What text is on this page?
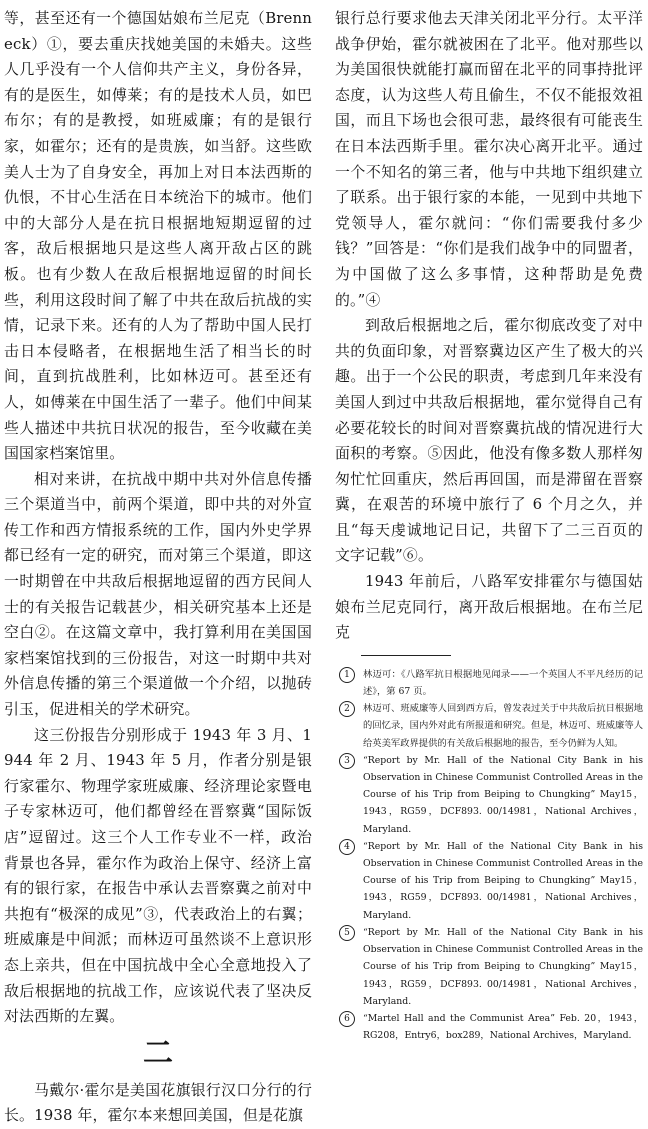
等，甚至还有一个德国姑娘布兰尼克（Brenneck）①，要去重庆找她美国的未婚夫。这些人几乎没有一个人信仰共产主义，身份各异，有的是医生，如傅莱；有的是技术人员，如巴布尔；有的是教授，如班威廉；有的是银行家，如霍尔；还有的是贵族，如当舒。这些欧美人士为了自身安全，再加上对日本法西斯的仇恨，不甘心生活在日本统治下的城市。他们中的大部分人是在抗日根据地短期逗留的过客，敌后根据地只是这些人离开敌占区的跳板。也有少数人在敌后根据地逗留的时间长些，利用这段时间了解了中共在敌后抗战的实情，记录下来。还有的人为了帮助中国人民打击日本侵略者，在根据地生活了相当长的时间，直到抗战胜利，比如林迈可。甚至还有人，如傅莱在中国生活了一辈子。他们中间某些人描述中共抗日状况的报告，至今收藏在美国国家档案馆里。

相对来讲，在抗战中期中共对外信息传播三个渠道当中，前两个渠道，即中共的对外宣传工作和西方情报系统的工作，国内外史学界都已经有一定的研究，而对第三个渠道，即这一时期曾在中共敌后根据地逗留的西方民间人士的有关报告记载甚少，相关研究基本上还是空白②。在这篇文章中，我打算利用在美国国家档案馆找到的三份报告，对这一时期中共对外信息传播的第三个渠道做一个介绍，以抛砖引玉，促进相关的学术研究。

这三份报告分别形成于 1943 年 3 月、1944 年 2 月、1943 年 5 月，作者分别是银行家霍尔、物理学家班威廉、经济理论家暨电子专家林迈可，他们都曾经在晋察冀“国际饭店”逗留过。这三个人工作专业不一样，政治背景也各异，霍尔作为政治上保守、经济上富有的银行家，在报告中承认去晋察冀之前对中共抱有“极深的成见”③，代表政治上的右翼；班威廉是中间派；而林迈可虽然谈不上意识形态上亲共，但在中国抗战中全心全意地投入了敌后根据地的抗战工作，应该说代表了坚决反对法西斯的左翼。

二

马戴尔·霍尔是美国花旗银行汉口分行的行长。1938 年，霍尔本来想回美国，但是花旗

银行总行要求他去天津关闭北平分行。太平洋战争伊始，霍尔就被困在了北平。他对那些以为美国很快就能打赢而留在北平的同事持批评态度，认为这些人苟且偷生，不仅不能报效祖国，而且下场也会很可悲，最终很有可能丧生在日本法西斯手里。霍尔决心离开北平。通过一个不知名的第三者，他与中共地下组织建立了联系。出于银行家的本能，一见到中共地下党领导人，霍尔就问：“你们需要我付多少钱？”回答是：“你们是我们战争中的同盟者，为中国做了这么多事情，这种帮助是免费的。”④

到敌后根据地之后，霍尔彻底改变了对中共的负面印象，对晋察冀边区产生了极大的兴趣。出于一个公民的职责，考虑到几年来没有美国人到过中共敌后根据地，霍尔觉得自己有必要花较长的时间对晋察冀抗战的情况进行大面积的考察。⑤因此，他没有像多数人那样匆匆忙忙回重庆，然后再回国，而是滞留在晋察冀，在艰苦的环境中旅行了 6 个月之久，并且“每天虔诚地记日记，共留下了二三百页的文字记载”⑥。

1943 年前后，八路军安排霍尔与德国姑娘布兰尼克同行，离开敌后根据地。在布兰尼克

1	林迈可：《八路军抗日根据地见闻录——一个英国人不平凡经历的记述》，第 67 页。
2	林迈可、班威廉等人回到西方后，曾发表过关于中共敌后抗日根据地的回忆录，国内外对此有所报道和研究。但是，林迈可、班威廉等人给英美军政界提供的有关敌后根据地的报告，至今仍鲜为人知。
3	“Report by Mr. Hall of the National City Bank in his Observation in Chinese Communist Controlled Areas in the Course of his Trip from Beiping to Chungking” May15，1943，RG59，DCF893. 00/14981，National Archives，Maryland.
4	“Report by Mr. Hall of the National City Bank in his Observation in Chinese Communist Controlled Areas in the Course of his Trip from Beiping to Chungking” May15，1943，RG59，DCF893. 00/14981，National Archives，Maryland.
5	“Report by Mr. Hall of the National City Bank in his Observation in Chinese Communist Controlled Areas in the Course of his Trip from Beiping to Chungking” May15，1943，RG59，DCF893. 00/14981，National Archives，Maryland.
6	“Martel Hall and the Communist Area” Feb. 20，1943，RG208，Entry6，box289，National Archives，Maryland.
